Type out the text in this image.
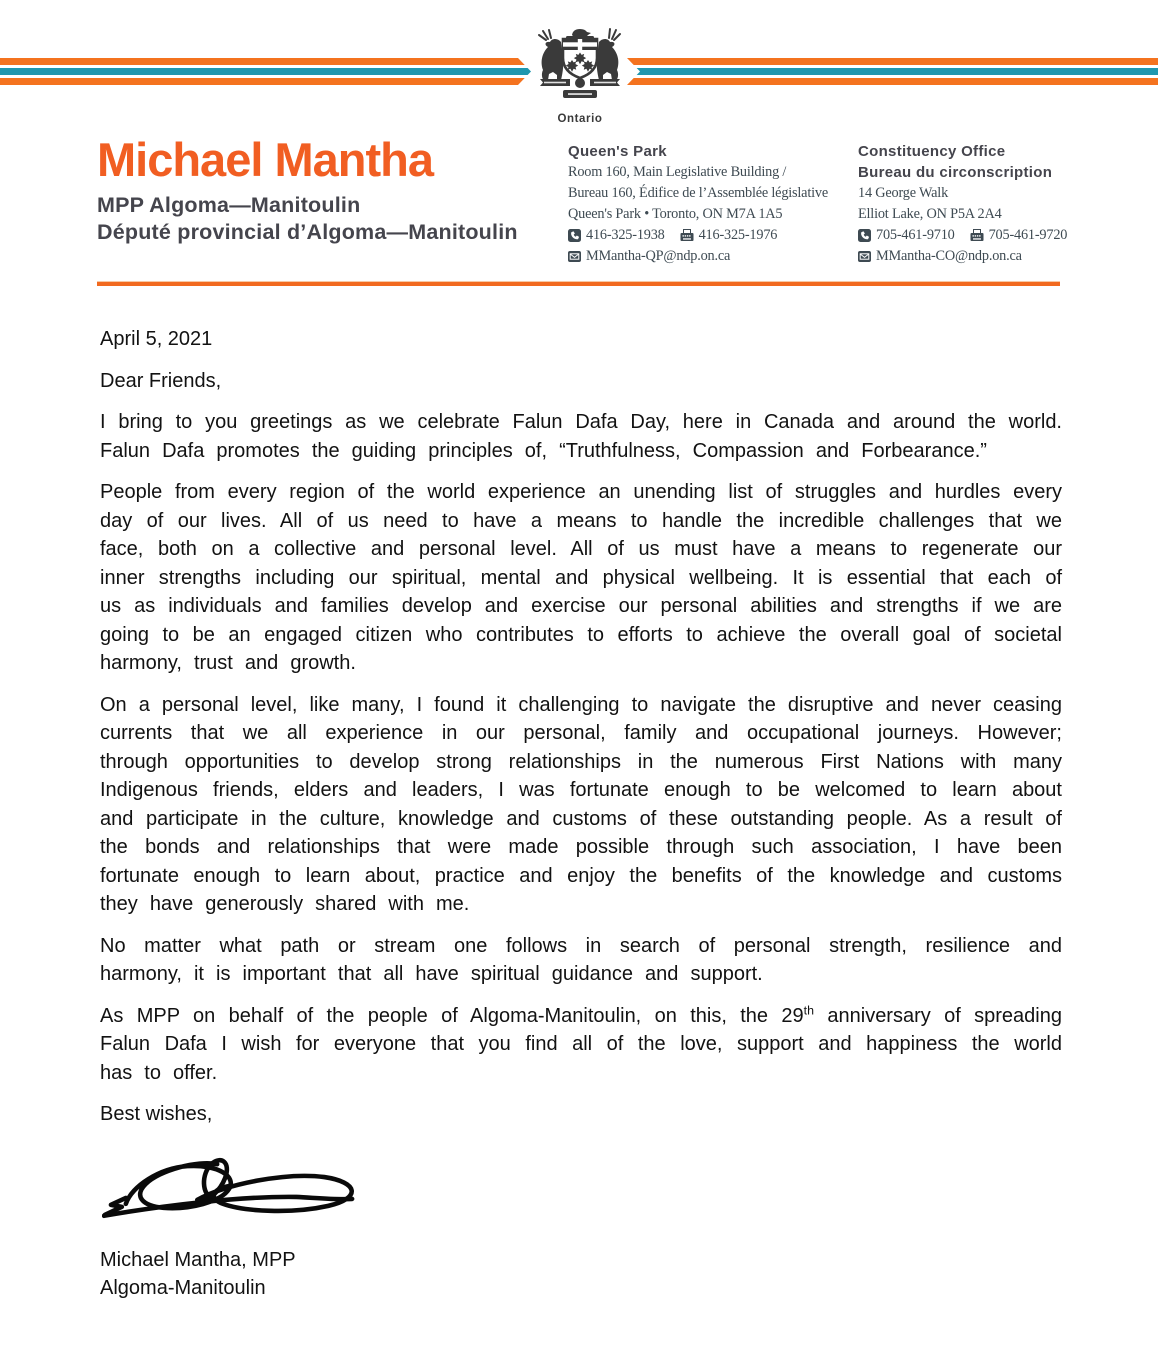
Ontario
Michael Mantha
MPP Algoma—Manitoulin
Député provincial d’Algoma—Manitoulin
Queen's Park
Room 160, Main Legislative Building /
Bureau 160, Édifice de l’Assemblée législative
Queen's Park • Toronto, ON M7A 1A5
416-325-1938 416-325-1976
MMantha-QP@ndp.on.ca
Constituency Office
Bureau du circonscription
14 George Walk
Elliot Lake, ON P5A 2A4
705-461-9710 705-461-9720
MMantha-CO@ndp.on.ca

April 5, 2021

Dear Friends,

I bring to you greetings as we celebrate Falun Dafa Day, here in Canada and around the world. Falun Dafa promotes the guiding principles of, “Truthfulness, Compassion and Forbearance.”

People from every region of the world experience an unending list of struggles and hurdles every day of our lives. All of us need to have a means to handle the incredible challenges that we face, both on a collective and personal level. All of us must have a means to regenerate our inner strengths including our spiritual, mental and physical wellbeing. It is essential that each of us as individuals and families develop and exercise our personal abilities and strengths if we are going to be an engaged citizen who contributes to efforts to achieve the overall goal of societal harmony, trust and growth.

On a personal level, like many, I found it challenging to navigate the disruptive and never ceasing currents that we all experience in our personal, family and occupational journeys. However; through opportunities to develop strong relationships in the numerous First Nations with many Indigenous friends, elders and leaders, I was fortunate enough to be welcomed to learn about and participate in the culture, knowledge and customs of these outstanding people. As a result of the bonds and relationships that were made possible through such association, I have been fortunate enough to learn about, practice and enjoy the benefits of the knowledge and customs they have generously shared with me.

No matter what path or stream one follows in search of personal strength, resilience and harmony, it is important that all have spiritual guidance and support.

As MPP on behalf of the people of Algoma-Manitoulin, on this, the 29th anniversary of spreading Falun Dafa I wish for everyone that you find all of the love, support and happiness the world has to offer.

Best wishes,

Michael Mantha, MPP
Algoma-Manitoulin
